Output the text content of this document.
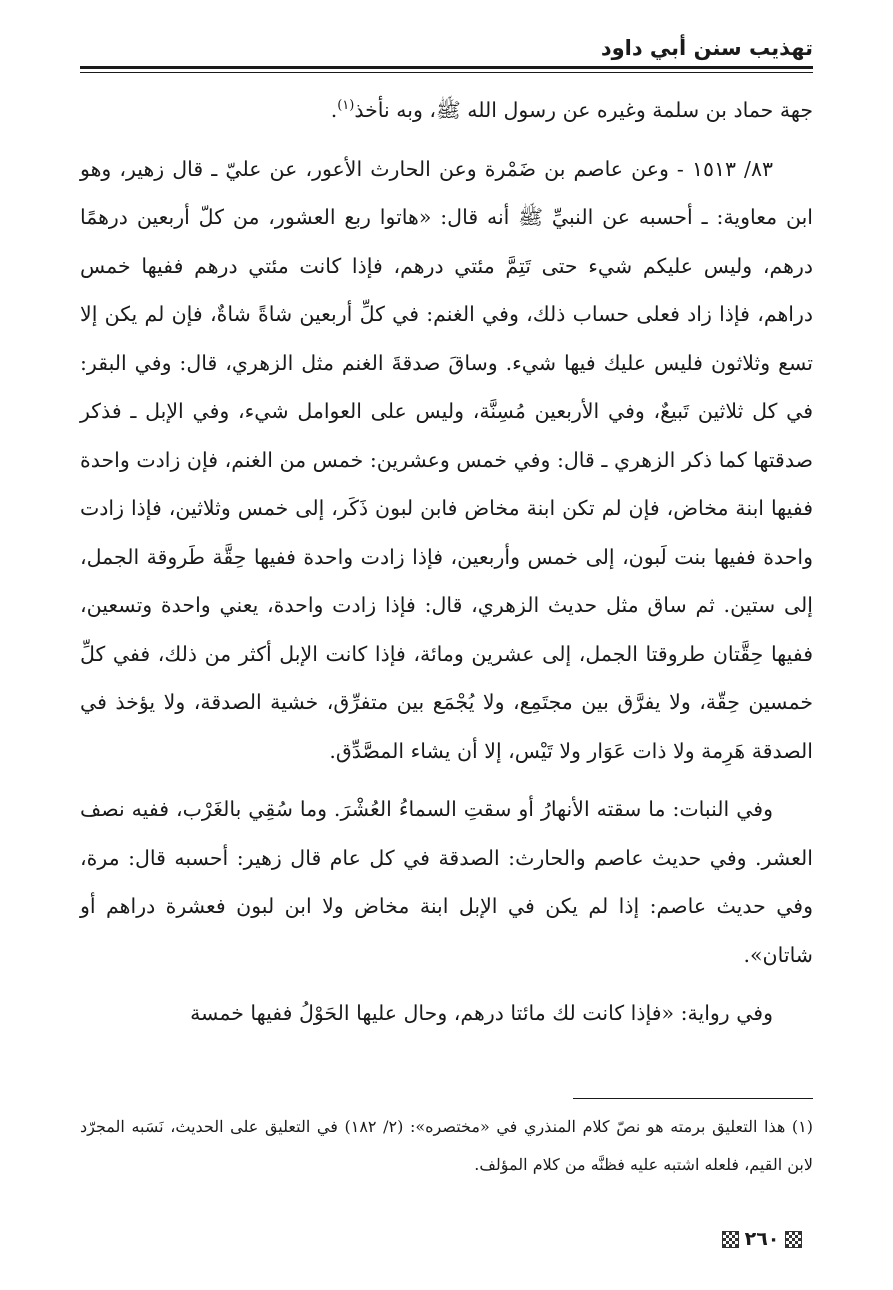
تهذيب سنن أبي داود

جهة حماد بن سلمة وغيره عن رسول الله ﷺ، وبه نأخذ$^{(١)}$.

٨٣/ ١٥١٣ - وعن عاصم بن ضَمْرة وعن الحارث الأعور، عن عليّ ـ قال زهير، وهو ابن معاوية: ـ أحسبه عن النبيِّ ﷺ أنه قال: «هاتوا ربع العشور، من كلّ أربعين درهمًا درهم، وليس عليكم شيء حتى تَتِمَّ مئتي درهم، فإذا كانت مئتي درهم ففيها خمس دراهم، فإذا زاد فعلى حساب ذلك، وفي الغنم: في كلِّ أربعين شاةً شاةٌ، فإن لم يكن إلا تسع وثلاثون فليس عليك فيها شيء. وساقَ صدقةَ الغنم مثل الزهري، قال: وفي البقر: في كل ثلاثين تَبيعٌ، وفي الأربعين مُسِنَّة، وليس على العوامل شيء، وفي الإبل ـ فذكر صدقتها كما ذكر الزهري ـ قال: وفي خمس وعشرين: خمس من الغنم، فإن زادت واحدة ففيها ابنة مخاض، فإن لم تكن ابنة مخاض فابن لبون ذَكَر، إلى خمس وثلاثين، فإذا زادت واحدة ففيها بنت لَبون، إلى خمس وأربعين، فإذا زادت واحدة ففيها حِقَّة طَروقة الجمل، إلى ستين. ثم ساق مثل حديث الزهري، قال: فإذا زادت واحدة، يعني واحدة وتسعين، ففيها حِقَّتان طروقتا الجمل، إلى عشرين ومائة، فإذا كانت الإبل أكثر من ذلك، ففي كلِّ خمسين حِقّة، ولا يفرَّق بين مجتَمِع، ولا يُجْمَع بين متفرِّق، خشية الصدقة، ولا يؤخذ في الصدقة هَرِمة ولا ذات عَوَار ولا تَيْس، إلا أن يشاء المصَّدِّق.

وفي النبات: ما سقته الأنهارُ أو سقتِ السماءُ العُشْرَ. وما سُقِي بالغَرْب، ففيه نصف العشر. وفي حديث عاصم والحارث: الصدقة في كل عام قال زهير: أحسبه قال: مرة، وفي حديث عاصم: إذا لم يكن في الإبل ابنة مخاض ولا ابن لبون فعشرة دراهم أو شاتان».

وفي رواية: «فإذا كانت لك مائتا درهم، وحال عليها الحَوْلُ ففيها خمسة

(١) هذا التعليق برمته هو نصّ كلام المنذري في «مختصره»: (٢/ ١٨٢) في التعليق على الحديث، نَسَبه المجرّد لابن القيم، فلعله اشتبه عليه فظنَّه من كلام المؤلف.

٢٦٠
